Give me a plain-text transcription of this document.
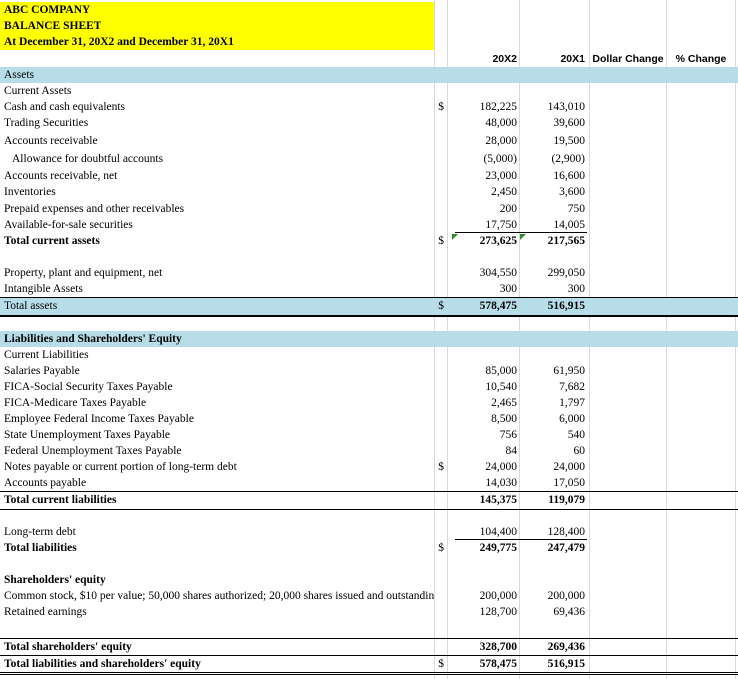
ABC COMPANY
BALANCE SHEET
At December 31, 20X2 and December 31, 20X1
20X2	20X1 Dollar Change	% Change
Assets
Current Assets
Cash and cash equivalents	$	182,225	143,010
Trading Securities	48,000	39,600
Accounts receivable	28,000	19,500
Allowance for doubtful accounts	(5,000)	(2,900)
Accounts receivable, net	23,000	16,600
Inventories	2,450	3,600
Prepaid expenses and other receivables	200	750
Available-for-sale securities	17,750	14,005
Total current assets	$	273,625	217,565
Property, plant and equipment, net	304,550	299,050
Intangible Assets	300	300
Total assets	$	578,475	516,915
Liabilities and Shareholders' Equity
Current Liabilities
Salaries Payable	85,000	61,950
FICA-Social Security Taxes Payable	10,540	7,682
FICA-Medicare Taxes Payable	2,465	1,797
Employee Federal Income Taxes Payable	8,500	6,000
State Unemployment Taxes Payable	756	540
Federal Unemployment Taxes Payable	84	60
Notes payable or current portion of long-term debt	$	24,000	24,000
Accounts payable	14,030	17,050
Total current liabilities	145,375	119,079
Long-term debt	104,400	128,400
Total liabilities	$	249,775	247,479
Shareholders' equity
Common stock, $10 per value; 50,000 shares authorized; 20,000 shares issued and outstandin	200,000	200,000
Retained earnings	128,700	69,436
Total shareholders' equity	328,700	269,436
Total liabilities and shareholders' equity	$	578,475	516,915
